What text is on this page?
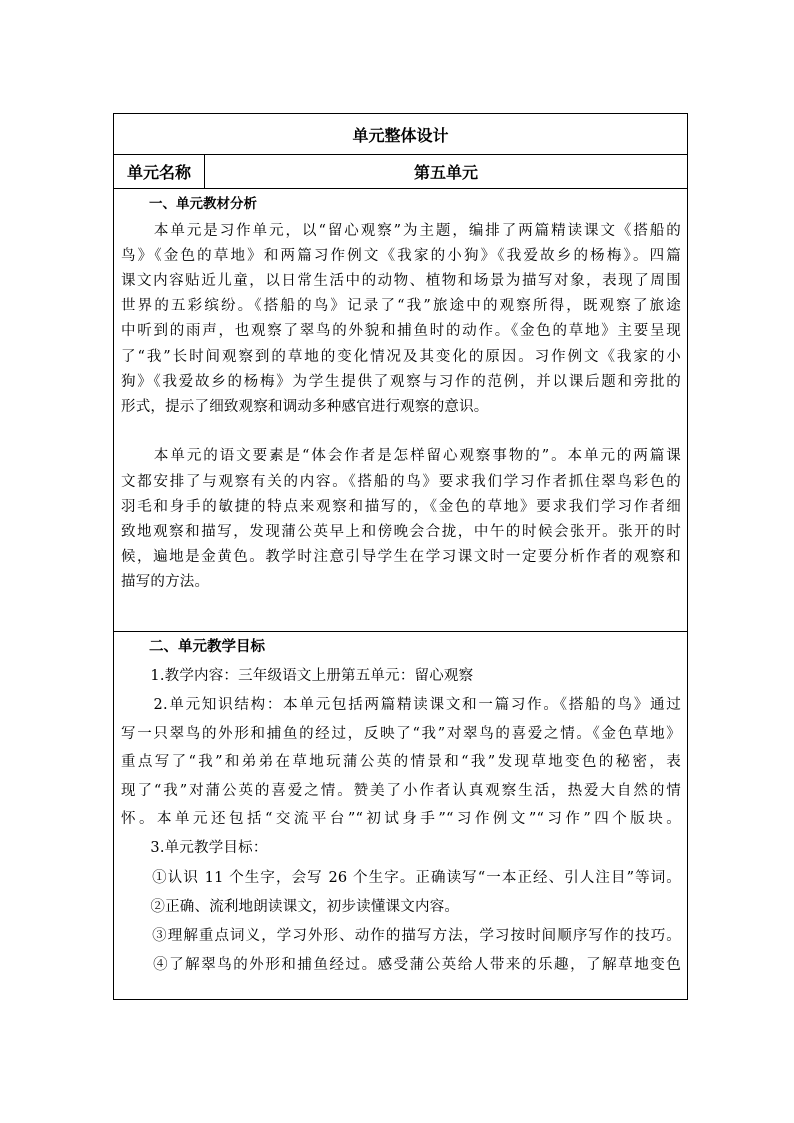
单元整体设计
单元名称	第五单元
一、单元教材分析
　　本单元是习作单元，以“留心观察”为主题，编排了两篇精读课文《搭船的
鸟》《金色的草地》和两篇习作例文《我家的小狗》《我爱故乡的杨梅》。四篇
课文内容贴近儿童，以日常生活中的动物、植物和场景为描写对象，表现了周围
世界的五彩缤纷。《搭船的鸟》记录了“我”旅途中的观察所得，既观察了旅途
中听到的雨声，也观察了翠鸟的外貌和捕鱼时的动作。《金色的草地》主要呈现
了“我”长时间观察到的草地的变化情况及其变化的原因。习作例文《我家的小
狗》《我爱故乡的杨梅》为学生提供了观察与习作的范例，并以课后题和旁批的
形式，提示了细致观察和调动多种感官进行观察的意识。
　　本单元的语文要素是“体会作者是怎样留心观察事物的”。本单元的两篇课
文都安排了与观察有关的内容。《搭船的鸟》要求我们学习作者抓住翠鸟彩色的
羽毛和身手的敏捷的特点来观察和描写的，《金色的草地》要求我们学习作者细
致地观察和描写，发现蒲公英早上和傍晚会合拢，中午的时候会张开。张开的时
候，遍地是金黄色。教学时注意引导学生在学习课文时一定要分析作者的观察和
描写的方法。
二、单元教学目标
　　1.教学内容：三年级语文上册第五单元：留心观察
　　2.单元知识结构：本单元包括两篇精读课文和一篇习作。《搭船的鸟》通过
写一只翠鸟的外形和捕鱼的经过，反映了“我”对翠鸟的喜爱之情。《金色草地》
重点写了“我”和弟弟在草地玩蒲公英的情景和“我”发现草地变色的秘密，表
现了“我”对蒲公英的喜爱之情。赞美了小作者认真观察生活，热爱大自然的情
怀。本单元还包括“交流平台”“初试身手”“习作例文”“习作”四个版块。
　　3.单元教学目标：
　　①认识 11 个生字，会写 26 个生字。正确读写“一本正经、引人注目”等词。
　　②正确、流利地朗读课文，初步读懂课文内容。
　　③理解重点词义，学习外形、动作的描写方法，学习按时间顺序写作的技巧。
　　④了解翠鸟的外形和捕鱼经过。感受蒲公英给人带来的乐趣，了解草地变色
